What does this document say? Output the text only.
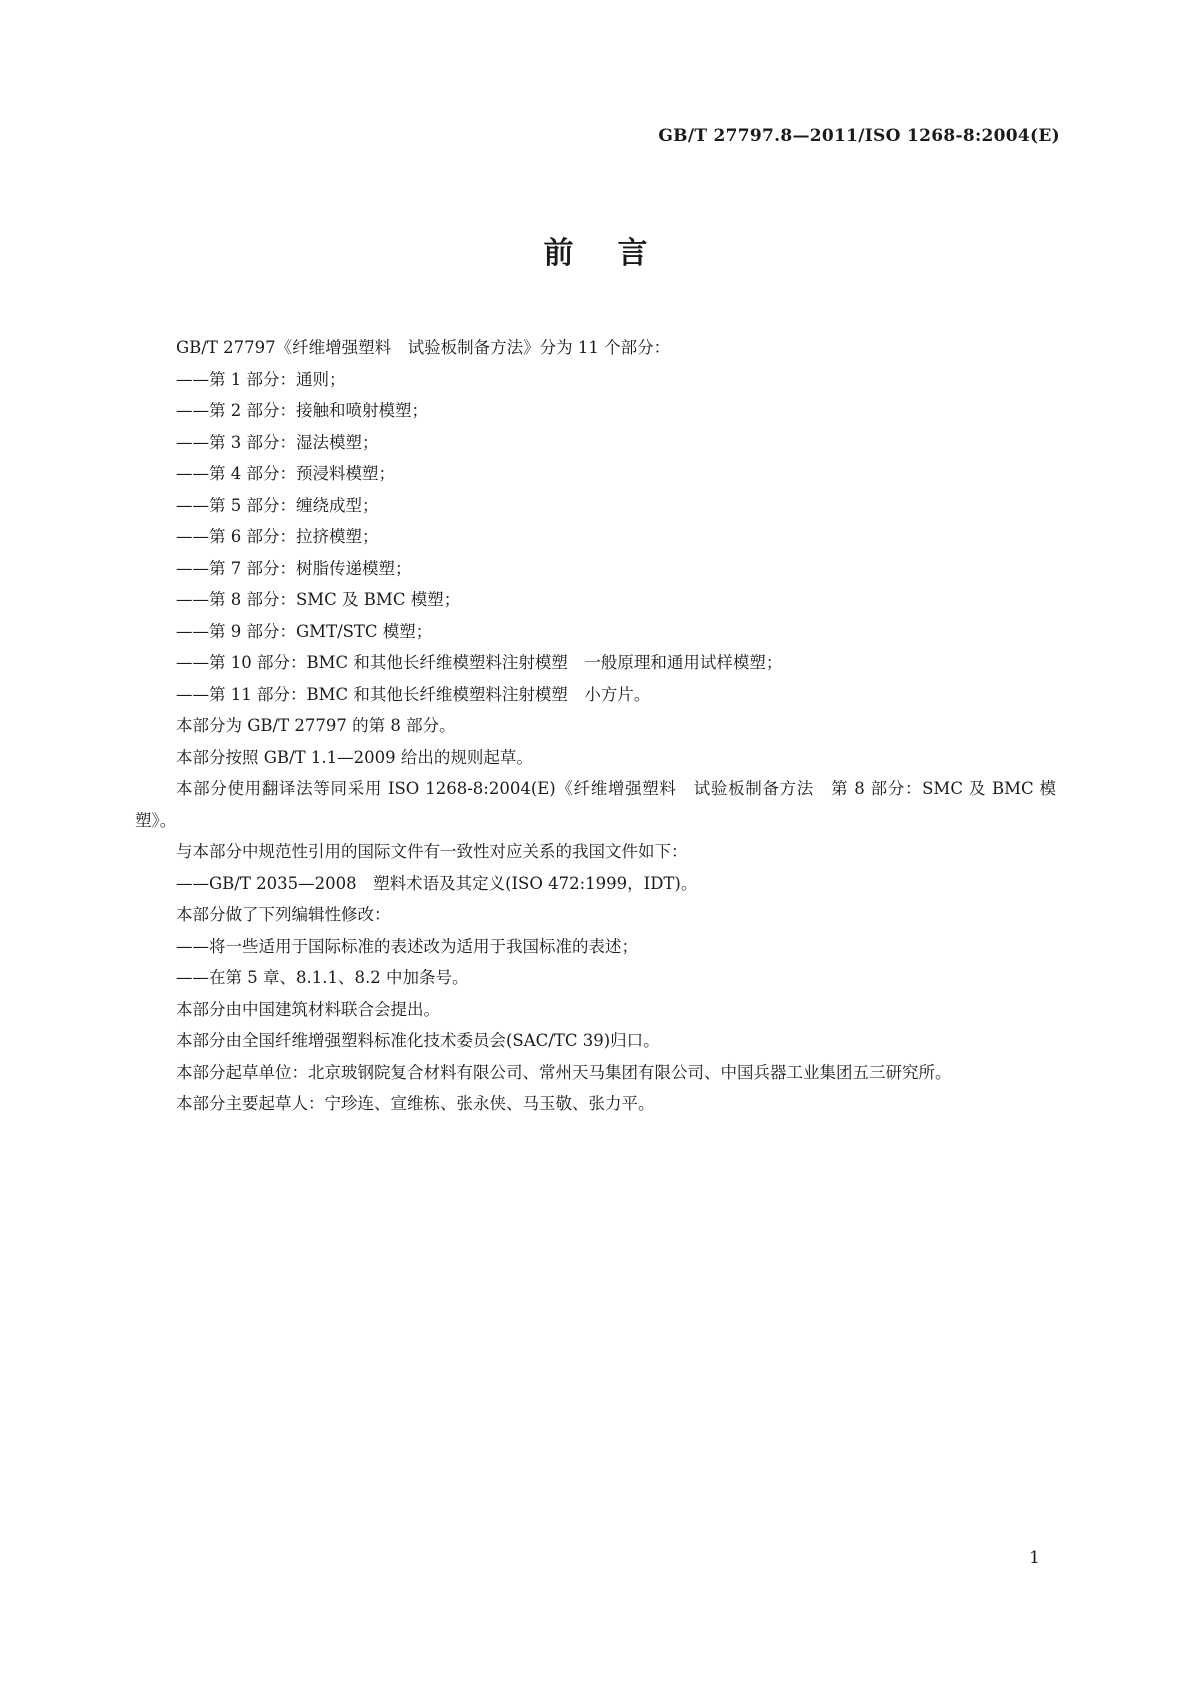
GB/T 27797.8—2011/ISO 1268-8:2004(E)
前言

GB/T 27797《纤维增强塑料　试验板制备方法》分为 11 个部分：

——第 1 部分：通则；

——第 2 部分：接触和喷射模塑；

——第 3 部分：湿法模塑；

——第 4 部分：预浸料模塑；

——第 5 部分：缠绕成型；

——第 6 部分：拉挤模塑；

——第 7 部分：树脂传递模塑；

——第 8 部分：SMC 及 BMC 模塑；

——第 9 部分：GMT/STC 模塑；

——第 10 部分：BMC 和其他长纤维模塑料注射模塑　一般原理和通用试样模塑；

——第 11 部分：BMC 和其他长纤维模塑料注射模塑　小方片。

本部分为 GB/T 27797 的第 8 部分。

本部分按照 GB/T 1.1—2009 给出的规则起草。

本部分使用翻译法等同采用 ISO 1268-8:2004(E)《纤维增强塑料　试验板制备方法　第 8 部分：SMC 及 BMC 模塑》。

与本部分中规范性引用的国际文件有一致性对应关系的我国文件如下：

——GB/T 2035—2008　塑料术语及其定义(ISO 472:1999，IDT)。

本部分做了下列编辑性修改：

——将一些适用于国际标准的表述改为适用于我国标准的表述；

——在第 5 章、8.1.1、8.2 中加条号。

本部分由中国建筑材料联合会提出。

本部分由全国纤维增强塑料标准化技术委员会(SAC/TC 39)归口。

本部分起草单位：北京玻钢院复合材料有限公司、常州天马集团有限公司、中国兵器工业集团五三研究所。

本部分主要起草人：宁珍连、宣维栋、张永侠、马玉敬、张力平。

1
